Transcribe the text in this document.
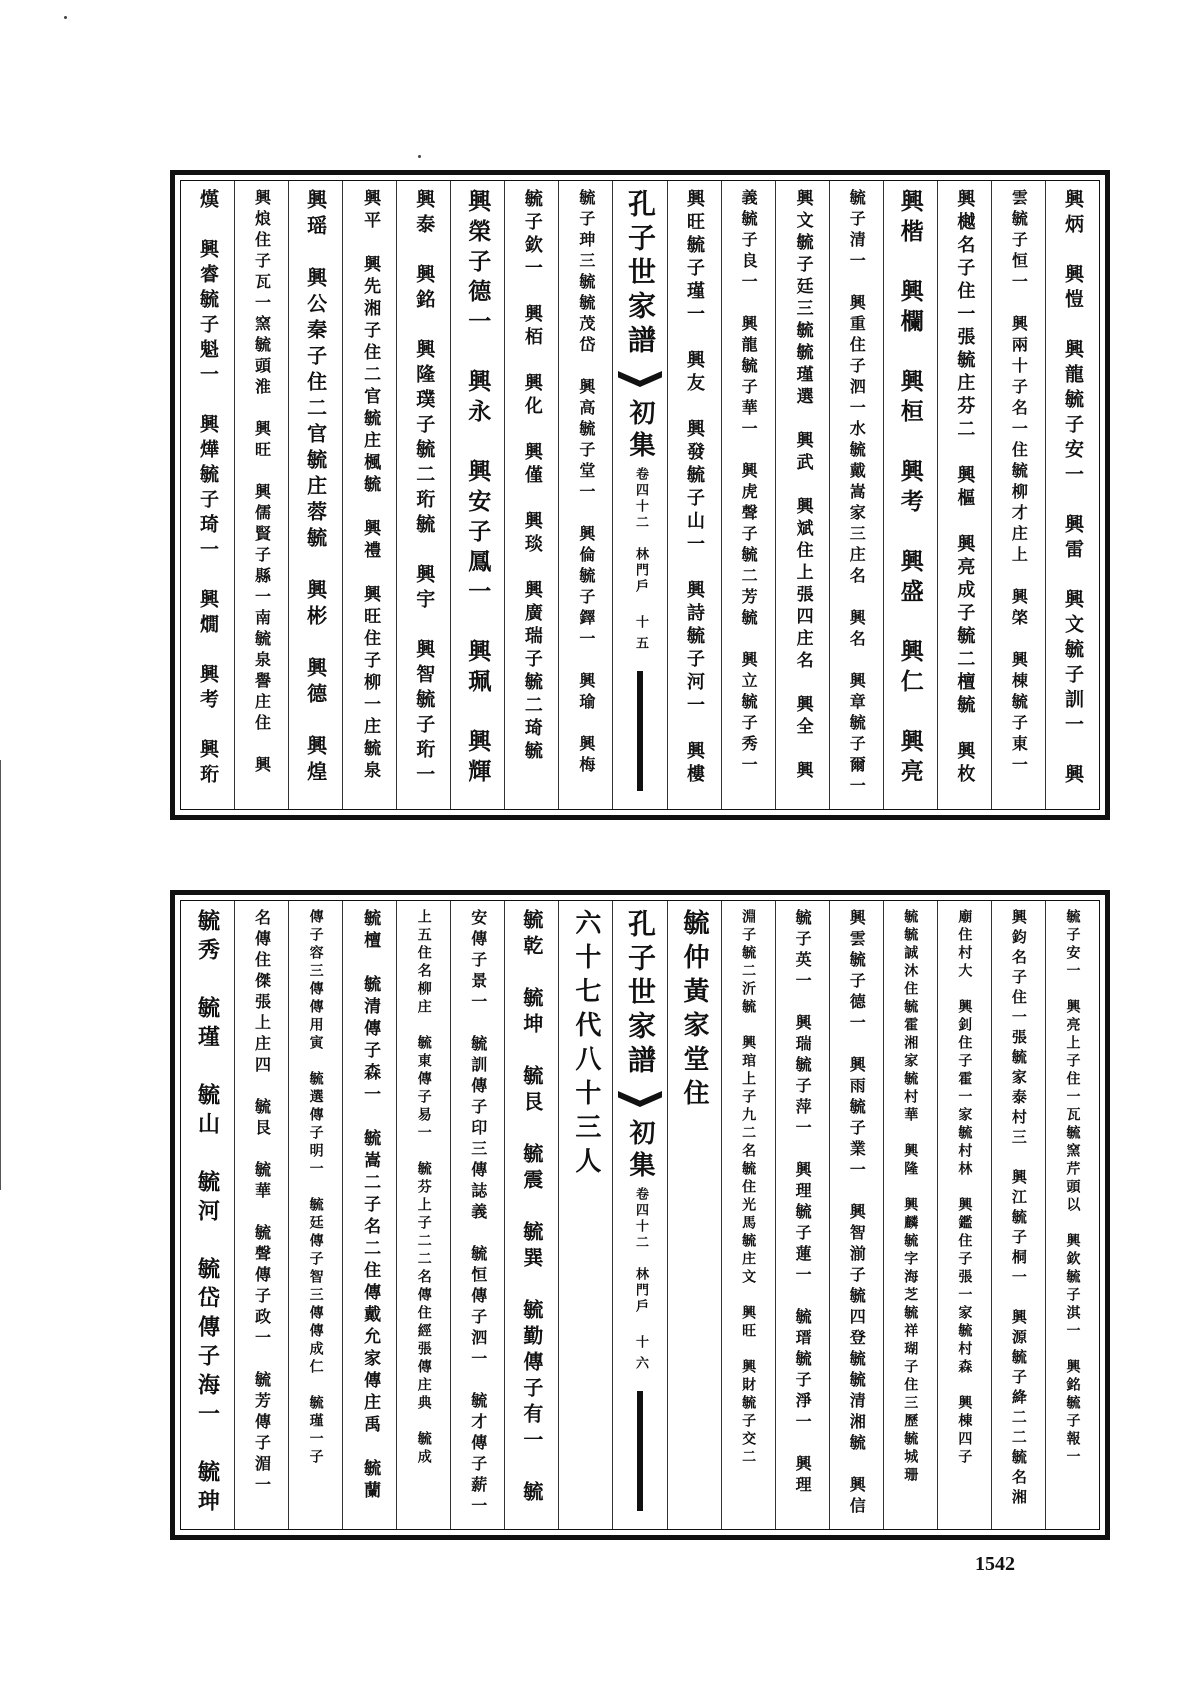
興炳　興愷　興龍毓子安一　興雷　興文毓子訓一　興
雲毓子恒一　興兩十子名一住毓柳才庄上　興棨　興棟毓子東一
興樾名子住一張毓庄芬二　興樞　興亮成子毓二檀毓　興枚
興楷　興欄　興桓　興考　興盛　興仁　興亮
毓子清一　興重住子泗一水毓戴嵩家三庄名　興名　興章毓子爾一
興文毓子廷三毓毓瑾選　興武　興斌住上張四庄名　興全　興
義毓子良一　興龍毓子華一　興虎聲子毓二芳毓　興立毓子秀一
興旺毓子瑾一　興友　興發毓子山一　興詩毓子河一　興樓
孔子世家譜
初集
卷四十二　林門戶
十五
毓子珅三毓毓茂岱　興高毓子堂一　興倫毓子鐸一　興瑜　興梅
毓子欽一　興栢　興化　興僅　興琰　興廣瑞子毓二琦毓
興榮子德一　興永　興安子鳳一　興珮　興輝
興泰　興銘　興隆璞子毓二珩毓　興宇　興智毓子珩一
興平　興先湘子住二官毓庄楓毓　興禮　興旺住子柳一庄毓泉
興瑶　興公秦子住二官毓庄蓉毓　興彬　興德　興煌
興烺住子瓦一窯毓頭淮　興旺　興儒賢子縣一南毓泉譽庄住　興
熯　興睿毓子魁一　興燁毓子琦一　興燗　興考　興珩
毓子安一　興亮上子住一瓦毓窯芹頭以　興欽毓子淇一　興銘毓子報一
興鈞名子住一張毓家泰村三　興江毓子桐一　興源毓子絳二二毓名湘
廟住村大　興釗住子霍一家毓村林　興鑑住子張一家毓村森　興棟四子
毓毓誠沐住毓霍湘家毓村華　興隆　興麟毓字海芝毓祥瑚子住三歷毓城珊
興雲毓子德一　興雨毓子業一　興智湔子毓四登毓毓清湘毓　興信
毓子英一　興瑞毓子萍一　興理毓子蓮一　毓瑨毓子淨一　興理
淵子毓二沂毓　興琯上子九二名毓住光馬毓庄文　興旺　興財毓子交二
毓仲黃家堂住
孔子世家譜
初集
卷四十二　林門戶
十六
六十七代八十三人
毓乾　毓坤　毓艮　毓震　毓巽　毓勤傳子有一　毓
安傳子景一　毓訓傳子印三傳誌義　毓恒傳子泗一　毓才傳子薪一
上五住名柳庄　毓東傳子易一　毓芬上子二二名傳住經張傳庄典　毓成
毓檀　毓清傳子森一　毓嵩二子名二住傳戴允家傳庄禹　毓蘭
傳子容三傳傳用寅　毓選傳子明一　毓廷傳子智三傳傳成仁　毓瑾一子
名傳住傑張上庄四　毓艮　毓華　毓聲傳子政一　毓芳傳子湄一
毓秀　毓瑾　毓山　毓河　毓岱傳子海一　毓珅
1542
